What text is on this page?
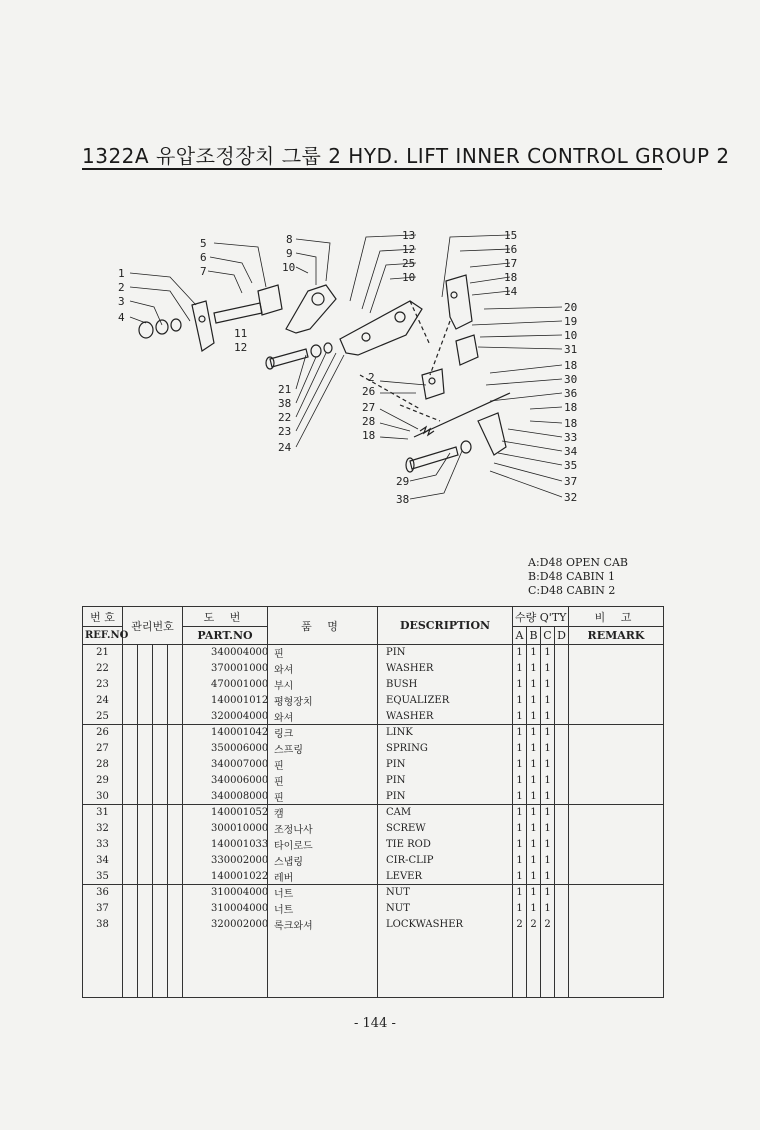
1322A 유압조정장치 그룹 2 HYD. LIFT INNER CONTROL GROUP 2
1
2
3
4
5
6
7
8
9
10
11
12
13
12
25
10
15
16
17
18
14
20
19
10
31
18
30
36
18
18
33
34
35
37
32
21
38
22
23
24
2
26
27
28
18
29
38
A:D48 OPEN CAB
B:D48 CABIN 1
C:D48 CABIN 2
번 호	관리번호				도 번	품 명	DESCRIPTION	수량 Q'TY				비 고
REF.NO					PART.NO			A	B	C	D	REMARK
21					340004000	핀	PIN	1	1	1		
22					370001000	와셔	WASHER	1	1	1		
23					470001000	부시	BUSH	1	1	1		
24					140001012	평형장치	EQUALIZER	1	1	1		
25					320004000	와셔	WASHER	1	1	1		
26					140001042	링크	LINK	1	1	1		
27					350006000	스프링	SPRING	1	1	1		
28					340007000	핀	PIN	1	1	1		
29					340006000	핀	PIN	1	1	1		
30					340008000	핀	PIN	1	1	1		
31					140001052	캠	CAM	1	1	1		
32					300010000	조정나사	SCREW	1	1	1		
33					140001033	타이로드	TIE ROD	1	1	1		
34					330002000	스냅링	CIR-CLIP	1	1	1		
35					140001022	레버	LEVER	1	1	1		
36					310004000	너트	NUT	1	1	1		
37					310004000	너트	NUT	1	1	1		
38					320002000	록크와셔	LOCKWASHER	2	2	2		

- 144 -
